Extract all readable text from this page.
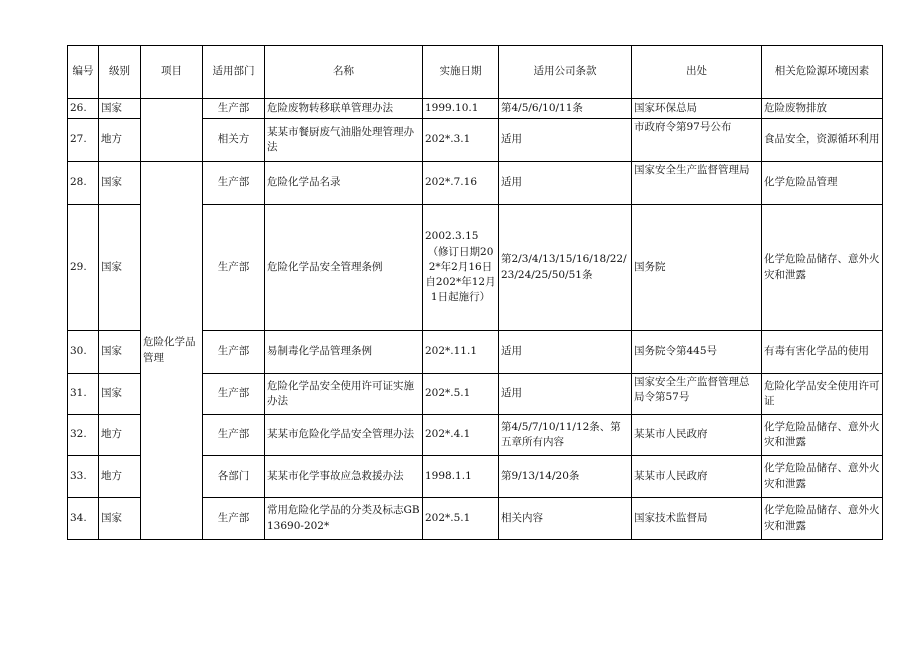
编号	级别	项目	适用部门	名称	实施日期	适用公司条款	出处	相关危险源环境因素
26.	国家		生产部	危险废物转移联单管理办法	1999.10.1	第4/5/6/10/11条	国家环保总局	危险废物排放
27.	地方		相关方	某某市餐厨废气油脂处理管理办法	202*.3.1	适用	市政府令第97号公布	食品安全，资源循环利用
28.	国家	危险化学品管理	生产部	危险化学品名录	202*.7.16	适用	国家安全生产监督管理局	化学危险品管理
29.	国家		生产部	危险化学品安全管理条例	2002.3.15
（修订日期202*年2月16日自202*年12月1日起施行）	第2/3/4/13/15/16/18/22/23/24/25/50/51条	国务院	化学危险品储存、意外火灾和泄露
30.	国家		生产部	易制毒化学品管理条例	202*.11.1	适用	国务院令第445号	有毒有害化学品的使用
31.	国家		生产部	危险化学品安全使用许可证实施办法	202*.5.1	适用	国家安全生产监督管理总局令第57号	危险化学品安全使用许可证
32.	地方		生产部	某某市危险化学品安全管理办法	202*.4.1	第4/5/7/10/11/12条、第五章所有内容	某某市人民政府	化学危险品储存、意外火灾和泄露
33.	地方		各部门	某某市化学事故应急救援办法	1998.1.1	第9/13/14/20条	某某市人民政府	化学危险品储存、意外火灾和泄露
34.	国家		生产部	常用危险化学品的分类及标志GB13690-202*	202*.5.1	相关内容	国家技术监督局	化学危险品储存、意外火灾和泄露
